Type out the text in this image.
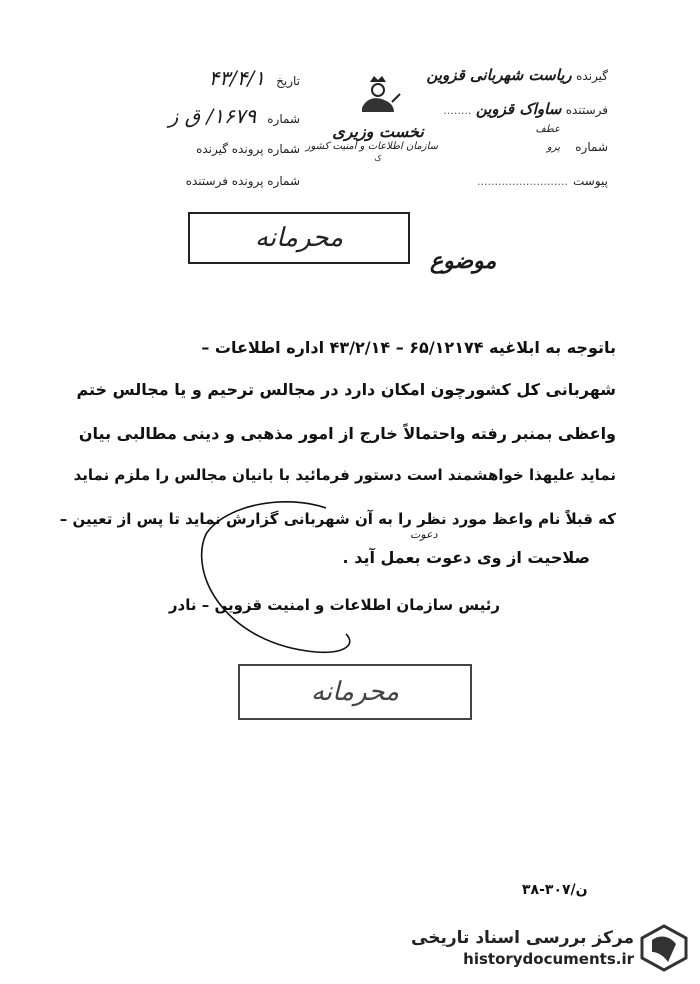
گیرنده ریاست شهربانی قزوین
فرستنده ساواک قزوین ........
شماره
عطف
پرو
پیوست ..........................
نخست وزیری
سازمان اطلاعات و امنیت کشور
ک
تاریخ ۴۳/۴/۱
شماره ۱۶۷۹/ ق ز
شماره پرونده گیرنده
شماره پرونده فرستنده
محرمانه
موضوع
باتوجه به ابلاغیه ۶۵/۱۲۱۷۴ – ۴۳/۲/۱۴ اداره اطلاعات –
شهربانی کل کشورچون امکان دارد در مجالس ترحیم و یا مجالس ختم
واعظی بمنبر رفته واحتمالاً خارج از امور مذهبی و دینی مطالبی بیان
نماید علیهذا خواهشمند است دستور فرمائید با بانیان مجالس را ملزم نماید
که قبلاً نام واعظ مورد نظر را به آن شهربانی گزارش نماید تا پس از تعیین –
دعوت
صلاحیت از وی دعوت بعمل آید .
رئیس سازمان اطلاعات و امنیت قزوین – نادر
محرمانه
ن/۳۰۷-۳۸
مرکز بررسی اسناد تاریخی
historydocuments.ir
